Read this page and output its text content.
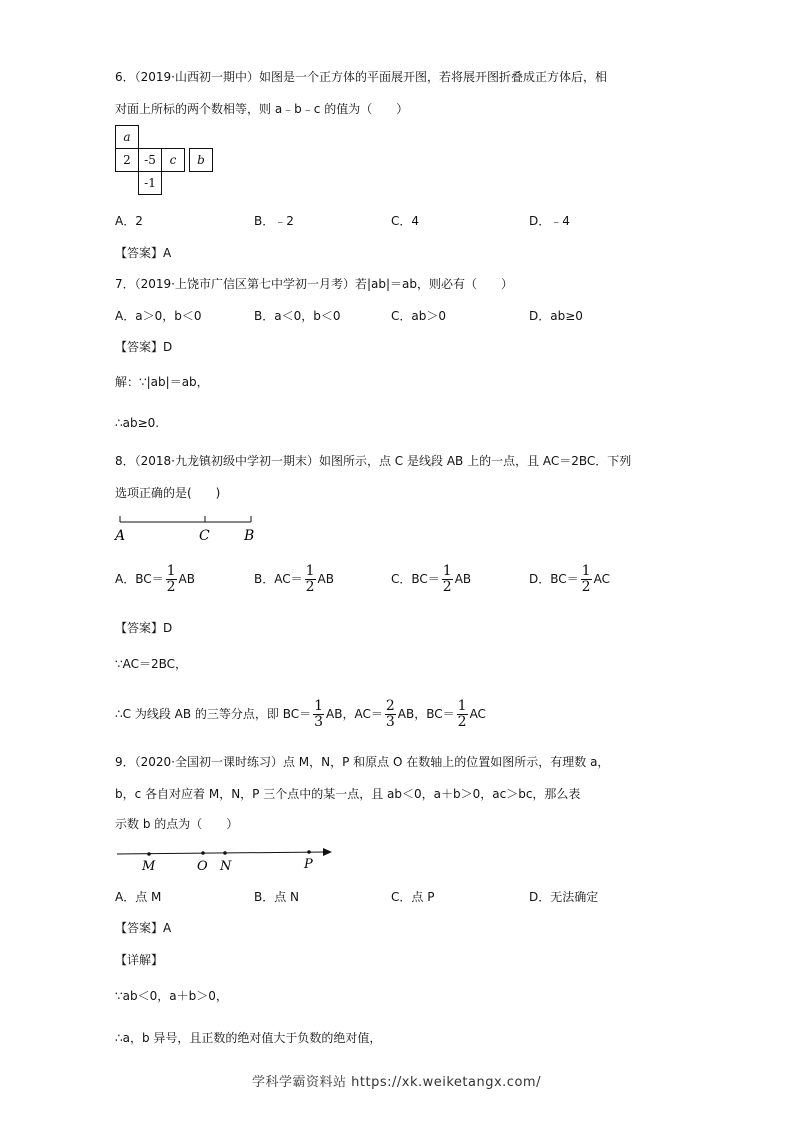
6．（2019·山西初一期中）如图是一个正方体的平面展开图，若将展开图折叠成正方体后，相
对面上所标的两个数相等，则 a﹣b﹣c 的值为（　　）
a
2	-5	c	b
-1
A．2	B．﹣2	C．4	D．﹣4
【答案】A
7．（2019·上饶市广信区第七中学初一月考）若|ab|＝ab，则必有（　　）
A．a＞0，b＜0	B．a＜0，b＜0	C．ab＞0	D．ab≥0
【答案】D
解：∵|ab|＝ab，
∴ab≥0.
8．（2018·九龙镇初级中学初一期末）如图所示，点 C 是线段 AB 上的一点，且 AC＝2BC．下列
选项正确的是(　　)
A	C B
A．$BC= \frac{1}{2}$ AB	B．$AC= \frac{1}{2}$ AB	C．$BC= \frac{1}{2}$ AB	D．$BC= \frac{1}{2}$ AC
【答案】D
∵AC＝2BC，
∴C 为线段 AB 的三等分点，即 $BC= \frac{1}{3}$ AB，$AC= \frac{2}{3}$ AB，$BC= \frac{1}{2}$ AC
9．（2020·全国初一课时练习）点 M，N，P 和原点 O 在数轴上的位置如图所示，有理数 a，
b，c 各自对应着 M，N，P 三个点中的某一点，且 ab＜0，a＋b＞0，ac＞bc，那么表
示数 b 的点为（　　）
M	O N	P
A．点 M	B．点 N	C．点 P	D．无法确定
【答案】A
【详解】
∵ab＜0，a＋b＞0，
∴a，b 异号，且正数的绝对值大于负数的绝对值，
学科学霸资料站 https://xk.weiketangx.com/
